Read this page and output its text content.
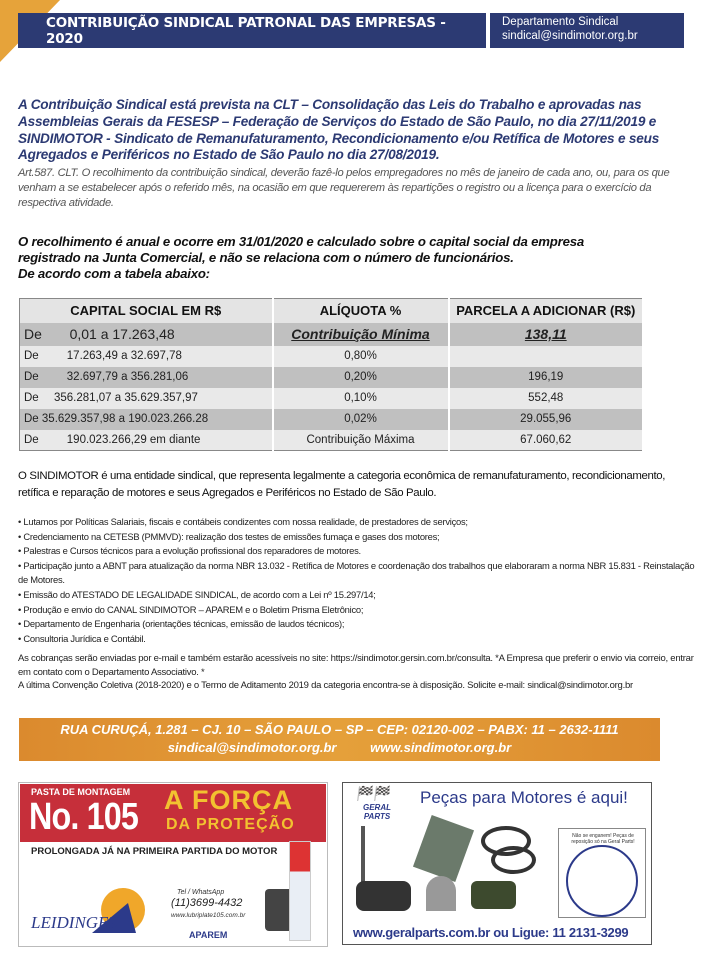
CONTRIBUIÇÃO SINDICAL PATRONAL DAS EMPRESAS - 2020
Departamento Sindical
sindical@sindimotor.org.br

A Contribuição Sindical está prevista na CLT – Consolidação das Leis do Trabalho e aprovadas nas Assembleias Gerais da FESESP – Federação de Serviços do Estado de São Paulo, no dia 27/11/2019 e SINDIMOTOR - Sindicato de Remanufaturamento, Recondicionamento e/ou Retífica de Motores e seus Agregados e Periféricos no Estado de São Paulo no dia 27/08/2019.

Art.587. CLT. O recolhimento da contribuição sindical, deverão fazê-lo pelos empregadores no mês de janeiro de cada ano, ou, para os que venham a se estabelecer após o referido mês, na ocasião em que requererem às repartições o registro ou a licença para o exercício da respectiva atividade.

O recolhimento é anual e ocorre em 31/01/2020 e calculado sobre o capital social da empresa
registrado na Junta Comercial, e não se relaciona com o número de funcionários.
De acordo com a tabela abaixo:
CAPITAL SOCIAL EM R$	ALÍQUOTA %	PARCELA A ADICIONAR (R$)
De 0,01 a 17.263,48	Contribuição Mínima	138,11
De 17.263,49 a 32.697,78	0,80%	
De 32.697,79 a 356.281,06	0,20%	196,19
De 356.281,07 a 35.629.357,97	0,10%	552,48
De 35.629.357,98 a 190.023.266.28	0,02%	29.055,96
De 190.023.266,29 em diante	Contribuição Máxima	67.060,62

O SINDIMOTOR é uma entidade sindical, que representa legalmente a categoria econômica de remanufaturamento, recondicionamento, retífica e reparação de motores e seus Agregados e Periféricos no Estado de São Paulo.

• Lutamos por Políticas Salariais, fiscais e contábeis condizentes com nossa realidade, de prestadores de serviços;
• Credenciamento na CETESB (PMMVD): realização dos testes de emissões fumaça e gases dos motores;
• Palestras e Cursos técnicos para a evolução profissional dos reparadores de motores.
• Participação junto a ABNT para atualização da norma NBR 13.032 - Retífica de Motores e coordenação dos trabalhos que elaboraram a norma NBR 15.831 - Reinstalação de Motores.
• Emissão do ATESTADO DE LEGALIDADE SINDICAL, de acordo com a Lei nº 15.297/14;
• Produção e envio do CANAL SINDIMOTOR – APAREM e o Boletim Prisma Eletrônico;
• Departamento de Engenharia (orientações técnicas, emissão de laudos técnicos);
• Consultoria Jurídica e Contábil.

As cobranças serão enviadas por e-mail e também estarão acessíveis no site: https://sindimotor.gersin.com.br/consulta. *A Empresa que preferir o envio via correio, entrar em contato com o Departamento Associativo. *

A última Convenção Coletiva (2018-2020) e o Termo de Aditamento 2019 da categoria encontra-se à disposição. Solicite e-mail: sindical@sindimotor.org.br

RUA CURUÇÁ, 1.281 – CJ. 10 – SÃO PAULO – SP – CEP: 02120-002 – PABX: 11 – 2632-1111
sindical@sindimotor.org.br	www.sindimotor.org.br
PASTA DE MONTAGEM
No. 105 A FORÇA
DA PROTEÇÃO
PROLONGADA JÁ NA PRIMEIRA PARTIDA DO MOTOR
LEIDINGER
Tel / WhatsApp
(11)3699-4432
www.lubriplate105.com.br
APAREM
🏁🏁
GERAL PARTS
Peças para Motores é aqui!
Não se enganem! Peças de reposição só na Geral Parts!
www.geralparts.com.br ou Ligue: 11 2131-3299
